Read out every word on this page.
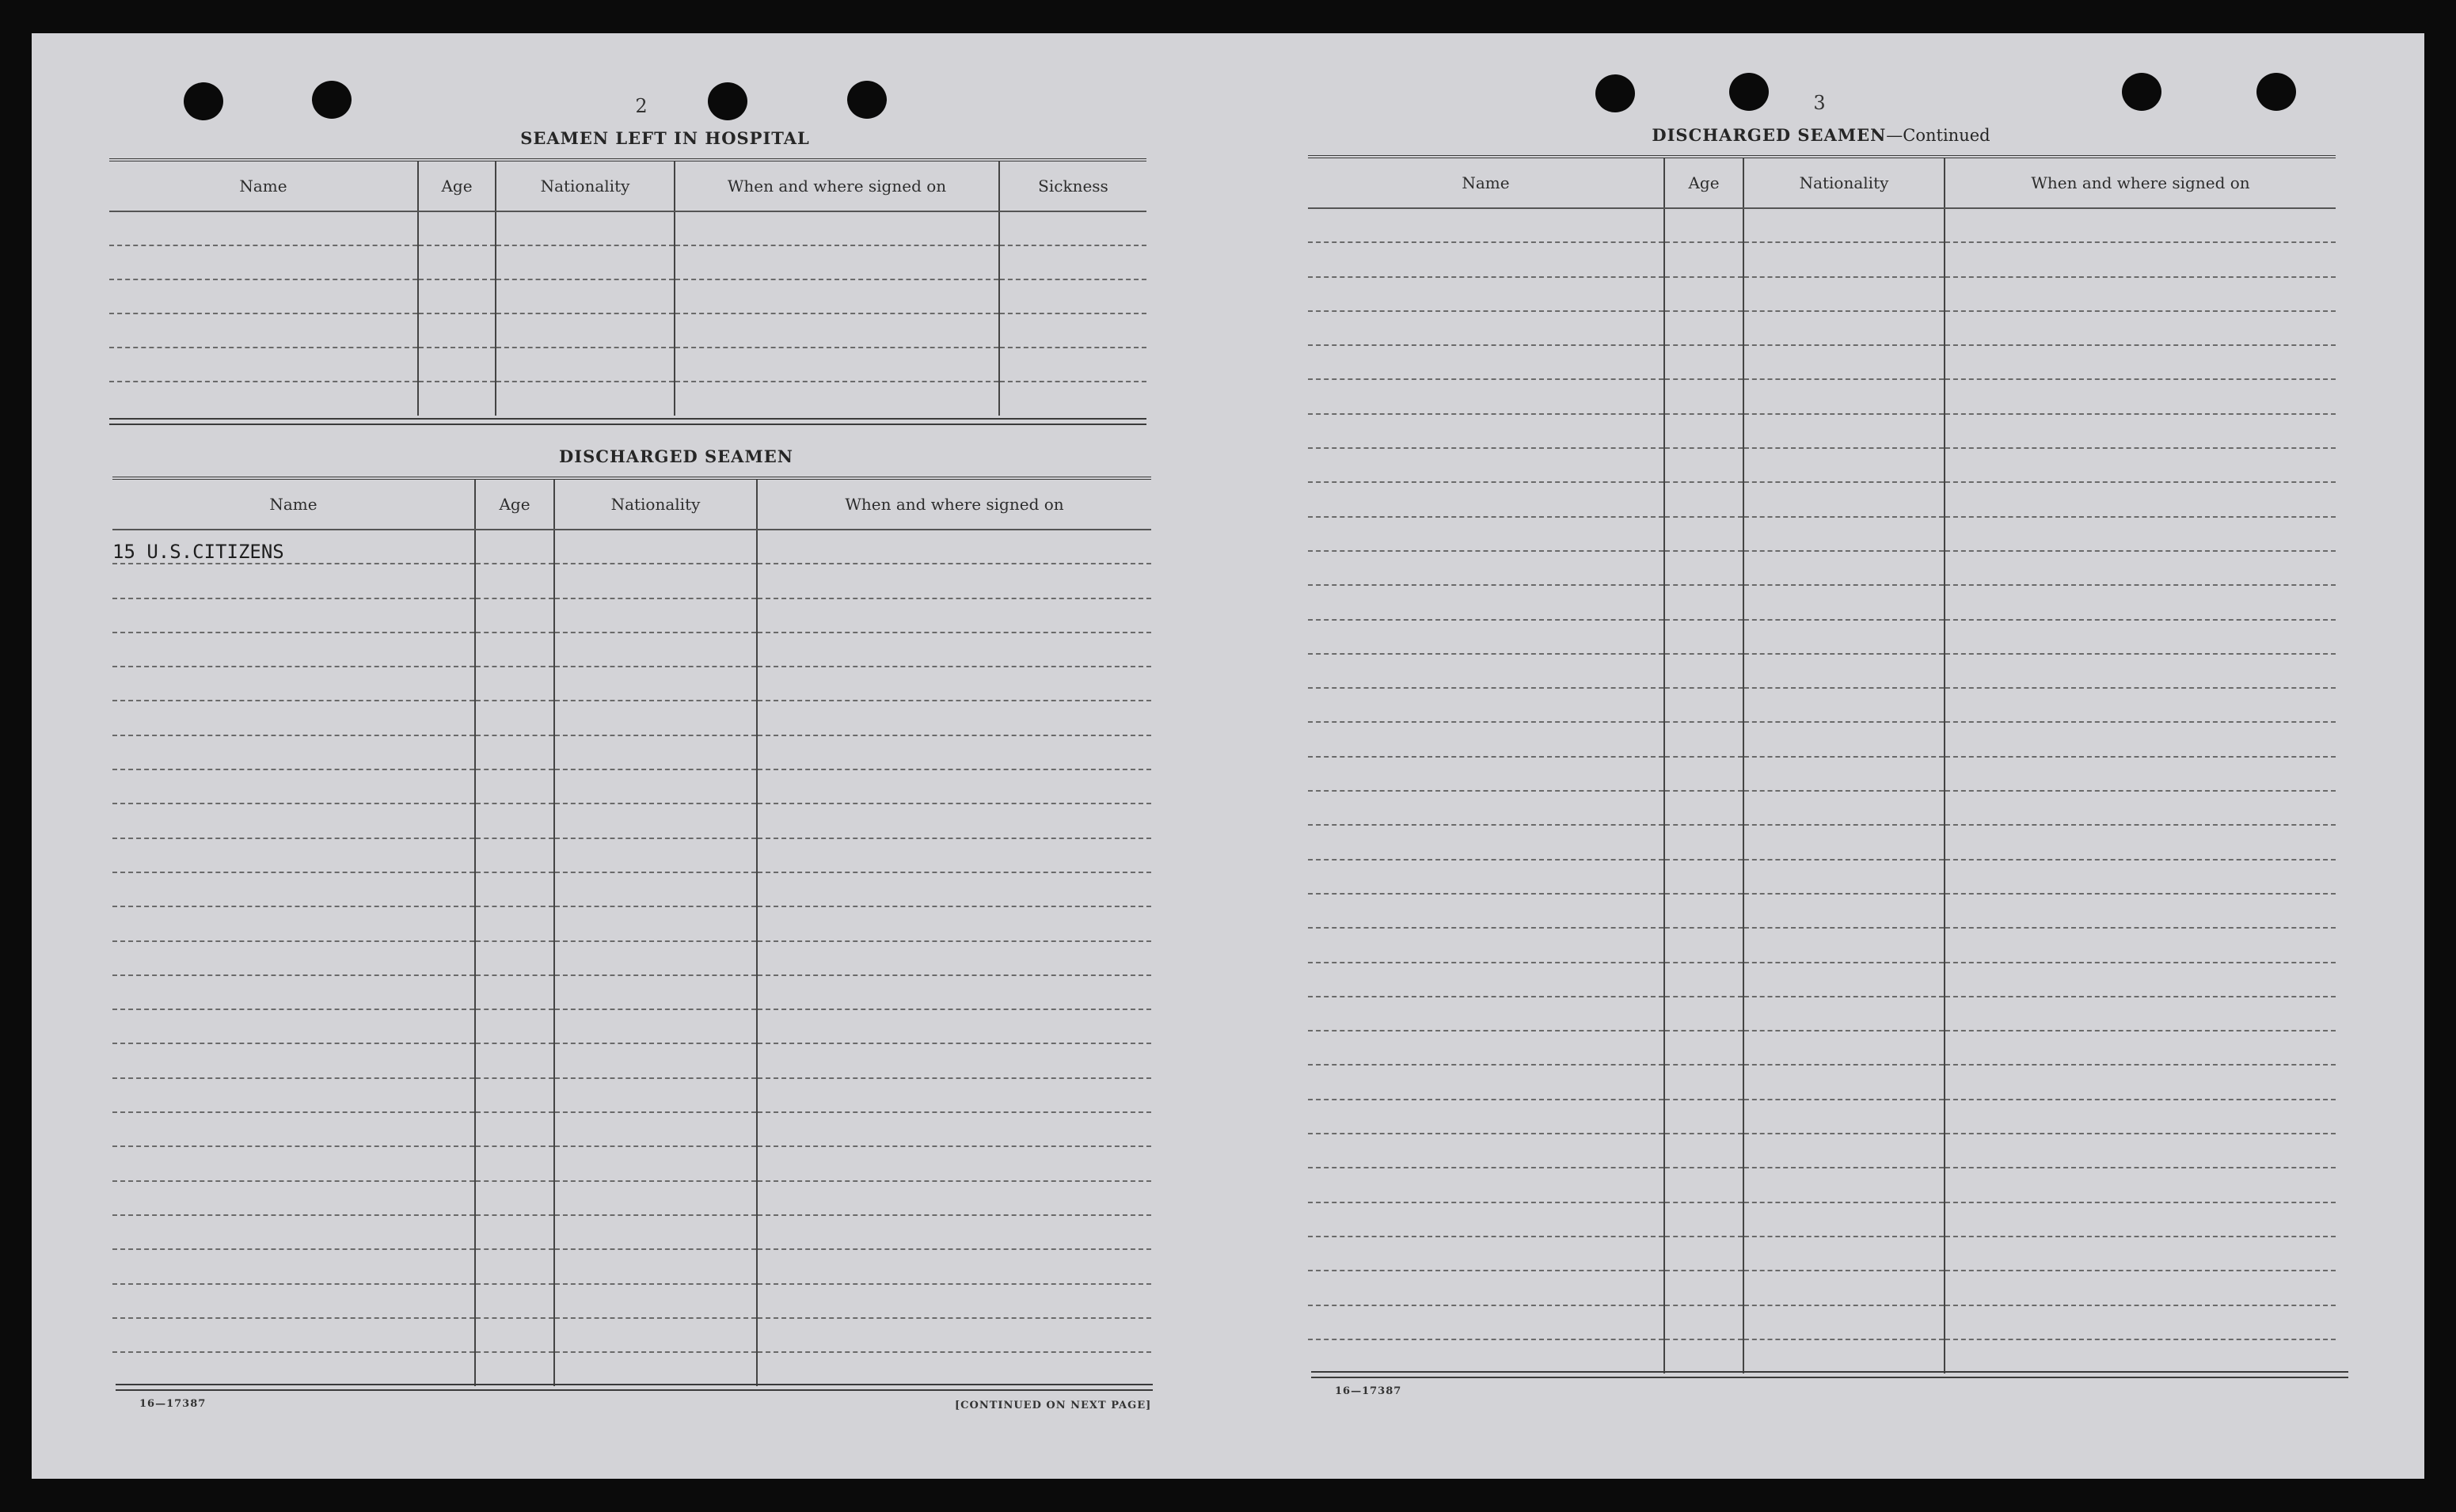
2
SEAMEN LEFT IN HOSPITAL
Name	Age	Nationality	When and where signed on	Sickness

DISCHARGED SEAMEN
Name	Age	Nationality	When and where signed on
15 U.S.CITIZENS			

16—17387	[CONTINUED ON NEXT PAGE]
3
DISCHARGED SEAMEN—Continued
Name	Age	Nationality	When and where signed on

16—17387
